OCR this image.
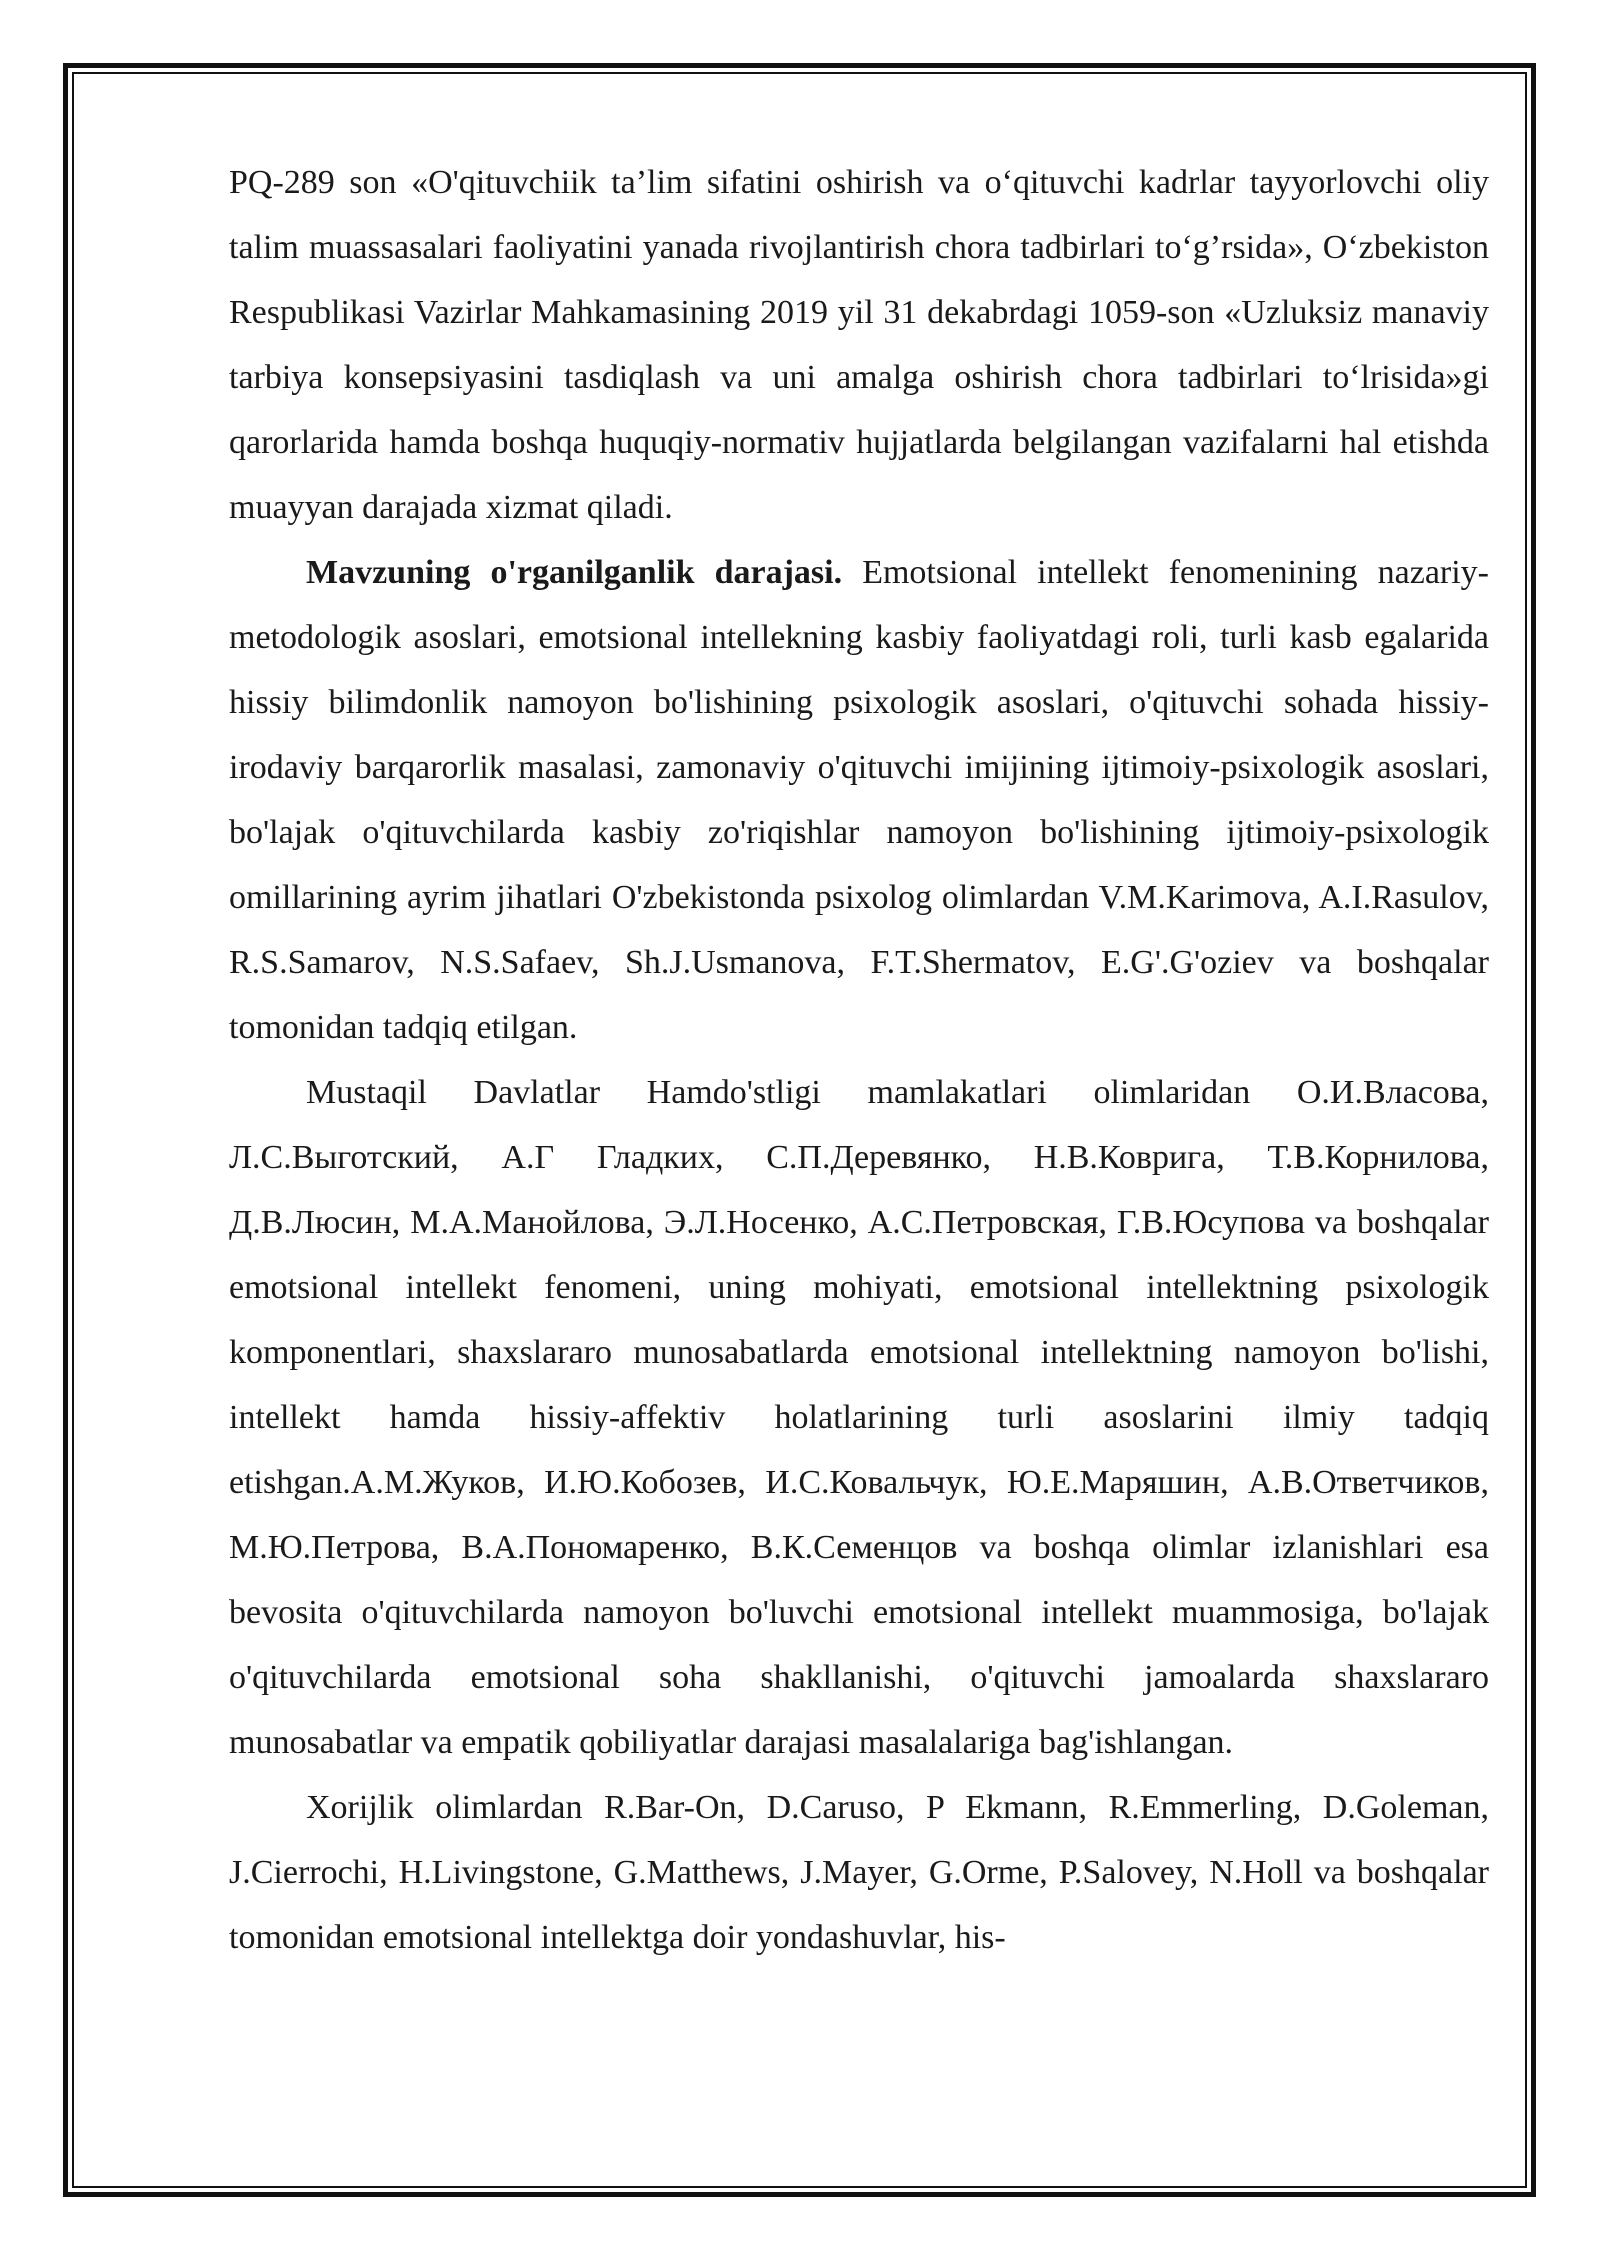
PQ-289 son «O'qituvchiik ta’lim sifatini oshirish va o‘qituvchi kadrlar tayyorlovchi oliy talim muassasalari faoliyatini yanada rivojlantirish chora tadbirlari to‘g’rsida», O‘zbekiston Respublikasi Vazirlar Mahkamasining 2019 yil 31 dekabrdagi 1059-son «Uzluksiz manaviy tarbiya konsepsiyasini tasdiqlash va uni amalga oshirish chora tadbirlari to‘lrisida»gi qarorlarida hamda boshqa huquqiy-normativ hujjatlarda belgilangan vazifalarni hal etishda muayyan darajada xizmat qiladi.

Mavzuning o'rganilganlik darajasi. Emotsional intellekt fenomenining nazariy-metodologik asoslari, emotsional intellekning kasbiy faoliyatdagi roli, turli kasb egalarida hissiy bilimdonlik namoyon bo'lishining psixologik asoslari, o'qituvchi sohada hissiy-irodaviy barqarorlik masalasi, zamonaviy o'qituvchi imijining ijtimoiy-psixologik asoslari, bo'lajak o'qituvchilarda kasbiy zo'riqishlar namoyon bo'lishining ijtimoiy-psixologik omillarining ayrim jihatlari O'zbekistonda psixolog olimlardan V.M.Karimova, A.I.Rasulov, R.S.Samarov, N.S.Safaev, Sh.J.Usmanova, F.T.Shermatov, E.G'.G'oziev va boshqalar tomonidan tadqiq etilgan.

Mustaqil Davlatlar Hamdo'stligi mamlakatlari olimlaridan О.И.Власова, Л.С.Выготский, А.Г Гладких, С.П.Деревянко, Н.В.Ковригa, Т.В.Корнилова, Д.В.Люсин, М.А.Манойлова, Э.Л.Носенко, А.С.Петровская, Г.В.Юсупова va boshqalar emotsional intellekt fenomeni, uning mohiyati, emotsional intellektning psixologik komponentlari, shaxslararo munosabatlarda emotsional intellektning namoyon bo'lishi, intellekt hamda hissiy-affektiv holatlarining turli asoslarini ilmiy tadqiq etishgan.А.М.Жуков, И.Ю.Кобозев, И.С.Ковальчук, Ю.Е.Маряшин, А.В.Ответчиков, М.Ю.Петрова, В.А.Пономаренко, В.К.Семенцов va boshqa olimlar izlanishlari esa bevosita o'qituvchilarda namoyon bo'luvchi emotsional intellekt muammosiga, bo'lajak o'qituvchilarda emotsional soha shakllanishi, o'qituvchi jamoalarda shaxslararo munosabatlar va empatik qobiliyatlar darajasi masalalariga bag'ishlangan.

Xorijlik olimlardan R.Bar-On, D.Caruso, P Ekmann, R.Emmerling, D.Goleman, J.Cierrochi, H.Livingstone, G.Matthews, J.Mayer, G.Orme, P.Salovey, N.Holl va boshqalar tomonidan emotsional intellektga doir yondashuvlar, his-
